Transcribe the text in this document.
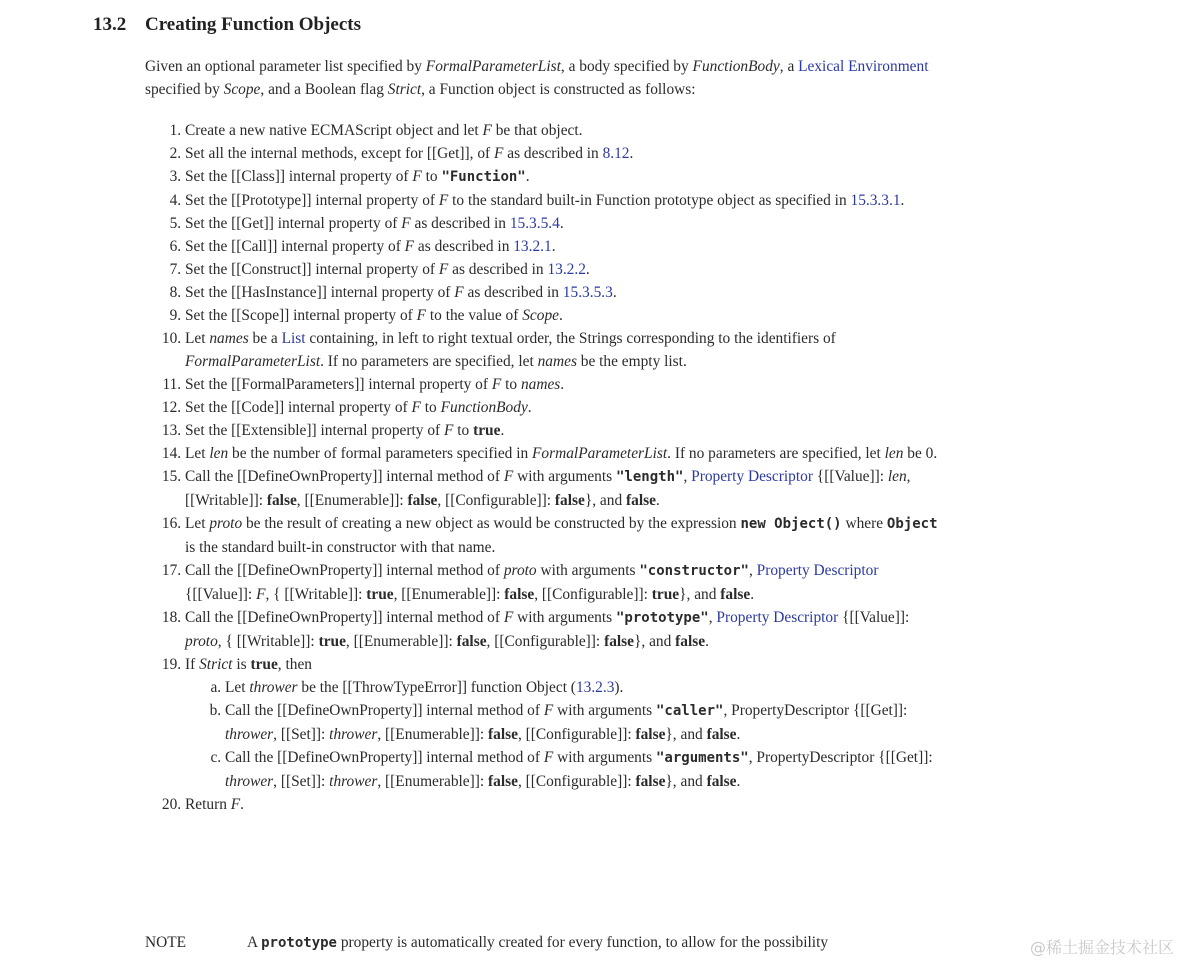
13.2 Creating Function Objects

Given an optional parameter list specified by FormalParameterList, a body specified by FunctionBody, a Lexical Environment specified by Scope, and a Boolean flag Strict, a Function object is constructed as follows:

1. Create a new native ECMAScript object and let F be that object.
2. Set all the internal methods, except for [[Get]], of F as described in 8.12.
3. Set the [[Class]] internal property of F to "Function".
4. Set the [[Prototype]] internal property of F to the standard built-in Function prototype object as specified in 15.3.3.1.
5. Set the [[Get]] internal property of F as described in 15.3.5.4.
6. Set the [[Call]] internal property of F as described in 13.2.1.
7. Set the [[Construct]] internal property of F as described in 13.2.2.
8. Set the [[HasInstance]] internal property of F as described in 15.3.5.3.
9. Set the [[Scope]] internal property of F to the value of Scope.
10. Let names be a List containing, in left to right textual order, the Strings corresponding to the identifiers of FormalParameterList. If no parameters are specified, let names be the empty list.
11. Set the [[FormalParameters]] internal property of F to names.
12. Set the [[Code]] internal property of F to FunctionBody.
13. Set the [[Extensible]] internal property of F to true.
14. Let len be the number of formal parameters specified in FormalParameterList. If no parameters are specified, let len be 0.
15. Call the [[DefineOwnProperty]] internal method of F with arguments "length", Property Descriptor {[[Value]]: len, [[Writable]]: false, [[Enumerable]]: false, [[Configurable]]: false}, and false.
16. Let proto be the result of creating a new object as would be constructed by the expression new Object() where Object is the standard built-in constructor with that name.
17. Call the [[DefineOwnProperty]] internal method of proto with arguments "constructor", Property Descriptor {[[Value]]: F, { [[Writable]]: true, [[Enumerable]]: false, [[Configurable]]: true}, and false.
18. Call the [[DefineOwnProperty]] internal method of F with arguments "prototype", Property Descriptor {[[Value]]: proto, { [[Writable]]: true, [[Enumerable]]: false, [[Configurable]]: false}, and false.
19. If Strict is true, then
a. Let thrower be the [[ThrowTypeError]] function Object (13.2.3).
b. Call the [[DefineOwnProperty]] internal method of F with arguments "caller", PropertyDescriptor {[[Get]]: thrower, [[Set]]: thrower, [[Enumerable]]: false, [[Configurable]]: false}, and false.
c. Call the [[DefineOwnProperty]] internal method of F with arguments "arguments", PropertyDescriptor {[[Get]]: thrower, [[Set]]: thrower, [[Enumerable]]: false, [[Configurable]]: false}, and false.
20. Return F.
NOTE	A prototype property is automatically created for every function, to allow for the possibility	@稀土掘金技术社区
